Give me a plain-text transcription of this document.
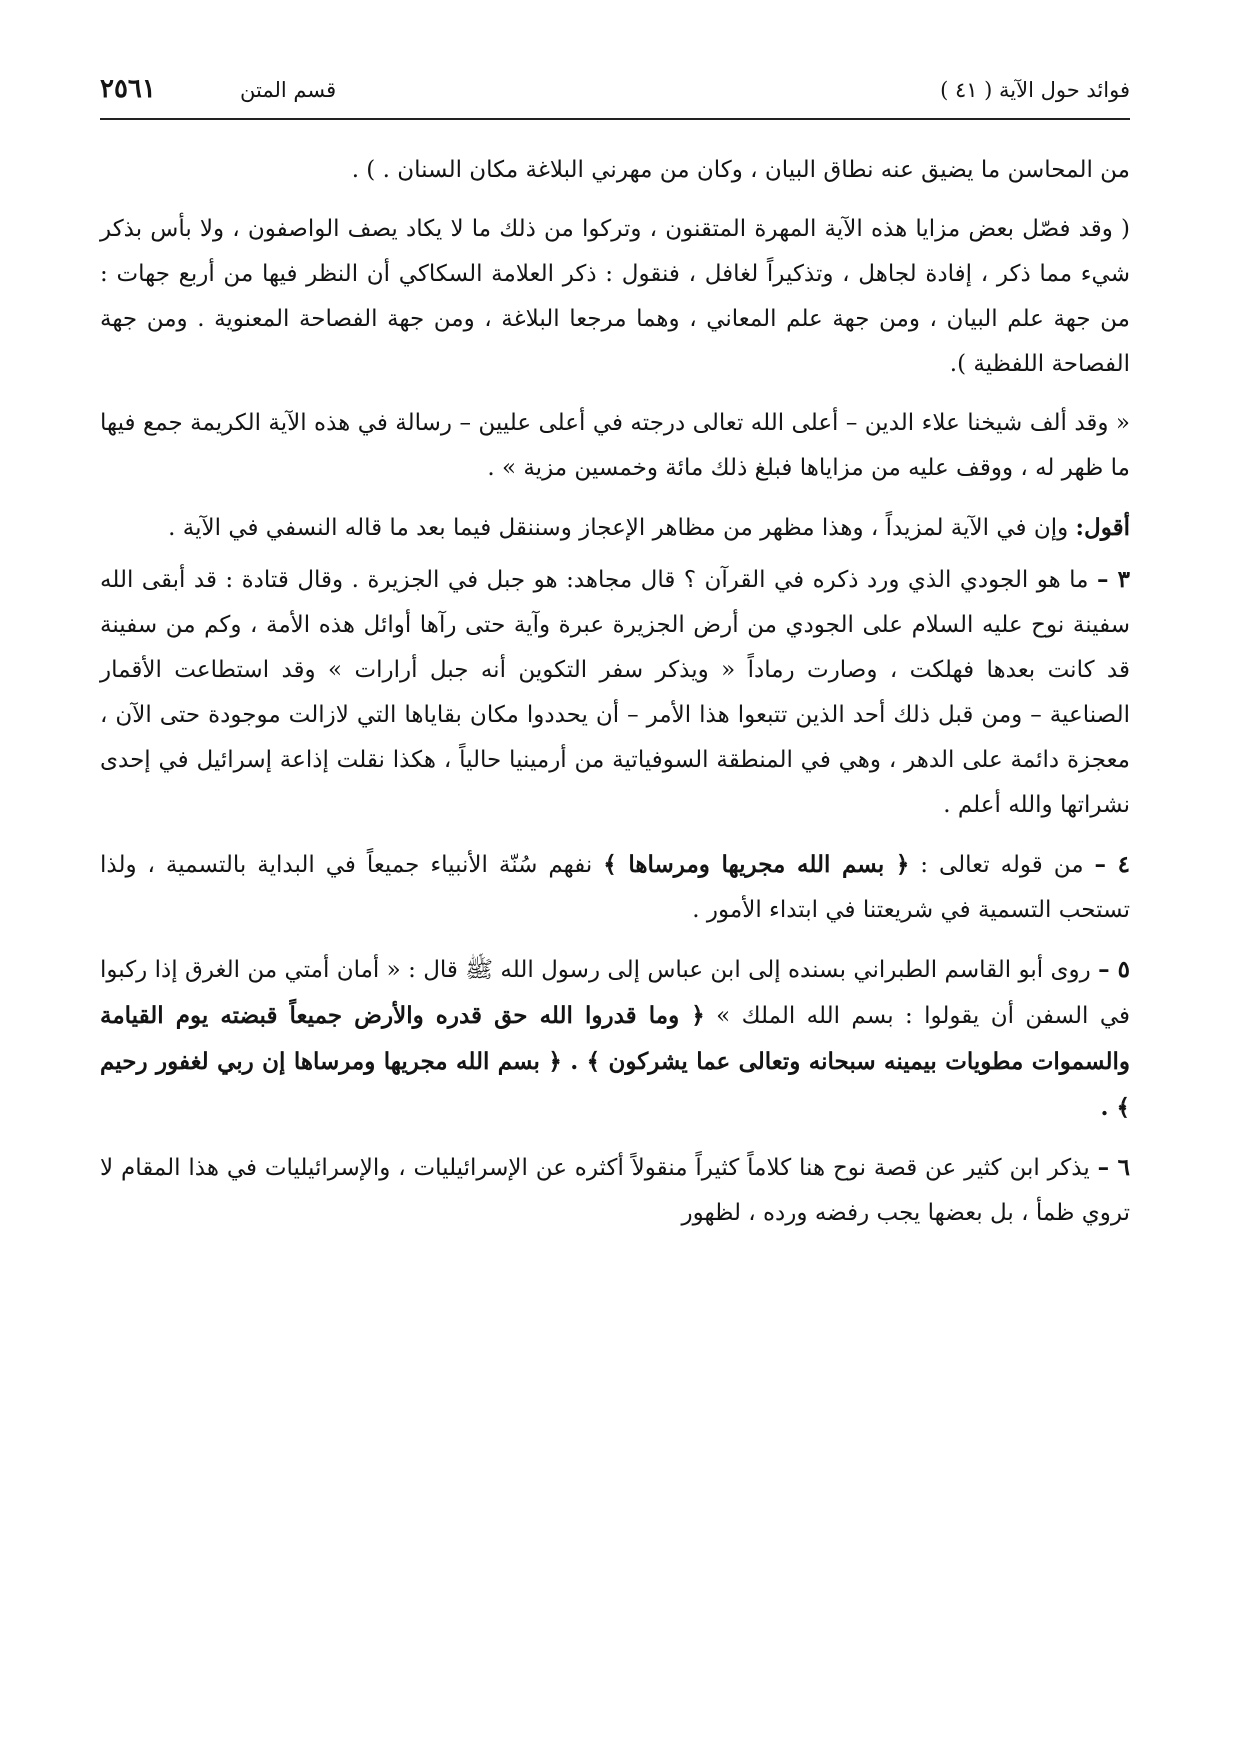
فوائد حول الآية ( ٤١ )
قسم المتن
٢٥٦١

من المحاسن ما يضيق عنه نطاق البيان ، وكان من مهرني البلاغة مكان السنان . ) .

( وقد فصّل بعض مزايا هذه الآية المهرة المتقنون ، وتركوا من ذلك ما لا يكاد يصف الواصفون ، ولا بأس بذكر شيء مما ذكر ، إفادة لجاهل ، وتذكيراً لغافل ، فنقول : ذكر العلامة السكاكي أن النظر فيها من أربع جهات : من جهة علم البيان ، ومن جهة علم المعاني ، وهما مرجعا البلاغة ، ومن جهة الفصاحة المعنوية . ومن جهة الفصاحة اللفظية ).

« وقد ألف شيخنا علاء الدين – أعلى الله تعالى درجته في أعلى عليين – رسالة في هذه الآية الكريمة جمع فيها ما ظهر له ، ووقف عليه من مزاياها فبلغ ذلك مائة وخمسين مزية » .

أقول: وإن في الآية لمزيداً ، وهذا مظهر من مظاهر الإعجاز وسننقل فيما بعد ما قاله النسفي في الآية .

٣ – ما هو الجودي الذي ورد ذكره في القرآن ؟ قال مجاهد: هو جبل في الجزيرة . وقال قتادة : قد أبقى الله سفينة نوح عليه السلام على الجودي من أرض الجزيرة عبرة وآية حتى رآها أوائل هذه الأمة ، وكم من سفينة قد كانت بعدها فهلكت ، وصارت رماداً « ويذكر سفر التكوين أنه جبل أرارات » وقد استطاعت الأقمار الصناعية – ومن قبل ذلك أحد الذين تتبعوا هذا الأمر – أن يحددوا مكان بقاياها التي لازالت موجودة حتى الآن ، معجزة دائمة على الدهر ، وهي في المنطقة السوفياتية من أرمينيا حالياً ، هكذا نقلت إذاعة إسرائيل في إحدى نشراتها والله أعلم .

٤ – من قوله تعالى : ﴿ بسم الله مجريها ومرساها ﴾ نفهم سُنّة الأنبياء جميعاً في البداية بالتسمية ، ولذا تستحب التسمية في شريعتنا في ابتداء الأمور .

٥ – روى أبو القاسم الطبراني بسنده إلى ابن عباس إلى رسول الله ﷺ قال : « أمان أمتي من الغرق إذا ركبوا في السفن أن يقولوا : بسم الله الملك » ﴿ وما قدروا الله حق قدره والأرض جميعاً قبضته يوم القيامة والسموات مطويات بيمينه سبحانه وتعالى عما يشركون ﴾ . ﴿ بسم الله مجريها ومرساها إن ربي لغفور رحيم ﴾ .

٦ – يذكر ابن كثير عن قصة نوح هنا كلاماً كثيراً منقولاً أكثره عن الإسرائيليات ، والإسرائيليات في هذا المقام لا تروي ظمأ ، بل بعضها يجب رفضه ورده ، لظهور
